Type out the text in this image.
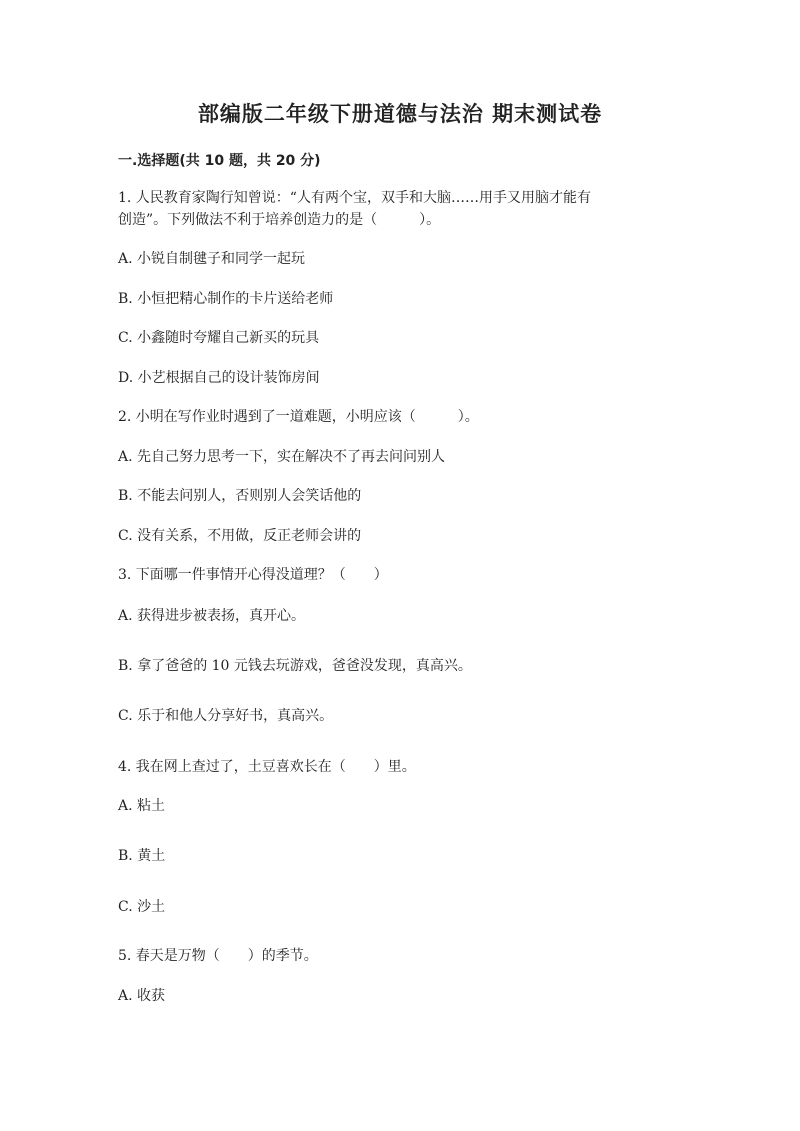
部编版二年级下册道德与法治 期末测试卷
一.选择题(共 10 题，共 20 分)
1. 人民教育家陶行知曾说：“人有两个宝，双手和大脑……用手又用脑才能有
创造”。下列做法不利于培养创造力的是（　　　）。
A. 小锐自制毽子和同学一起玩
B. 小恒把精心制作的卡片送给老师
C. 小鑫随时夸耀自己新买的玩具
D. 小艺根据自己的设计装饰房间
2. 小明在写作业时遇到了一道难题，小明应该（　　　）。
A. 先自己努力思考一下，实在解决不了再去问问别人
B. 不能去问别人，否则别人会笑话他的
C. 没有关系，不用做，反正老师会讲的
3. 下面哪一件事情开心得没道理？（　　）
A. 获得进步被表扬，真开心。
B. 拿了爸爸的 10 元钱去玩游戏，爸爸没发现，真高兴。
C. 乐于和他人分享好书，真高兴。
4. 我在网上查过了，土豆喜欢长在（　　）里。
A. 粘土
B. 黄土
C. 沙土
5. 春天是万物（　　）的季节。
A. 收获
